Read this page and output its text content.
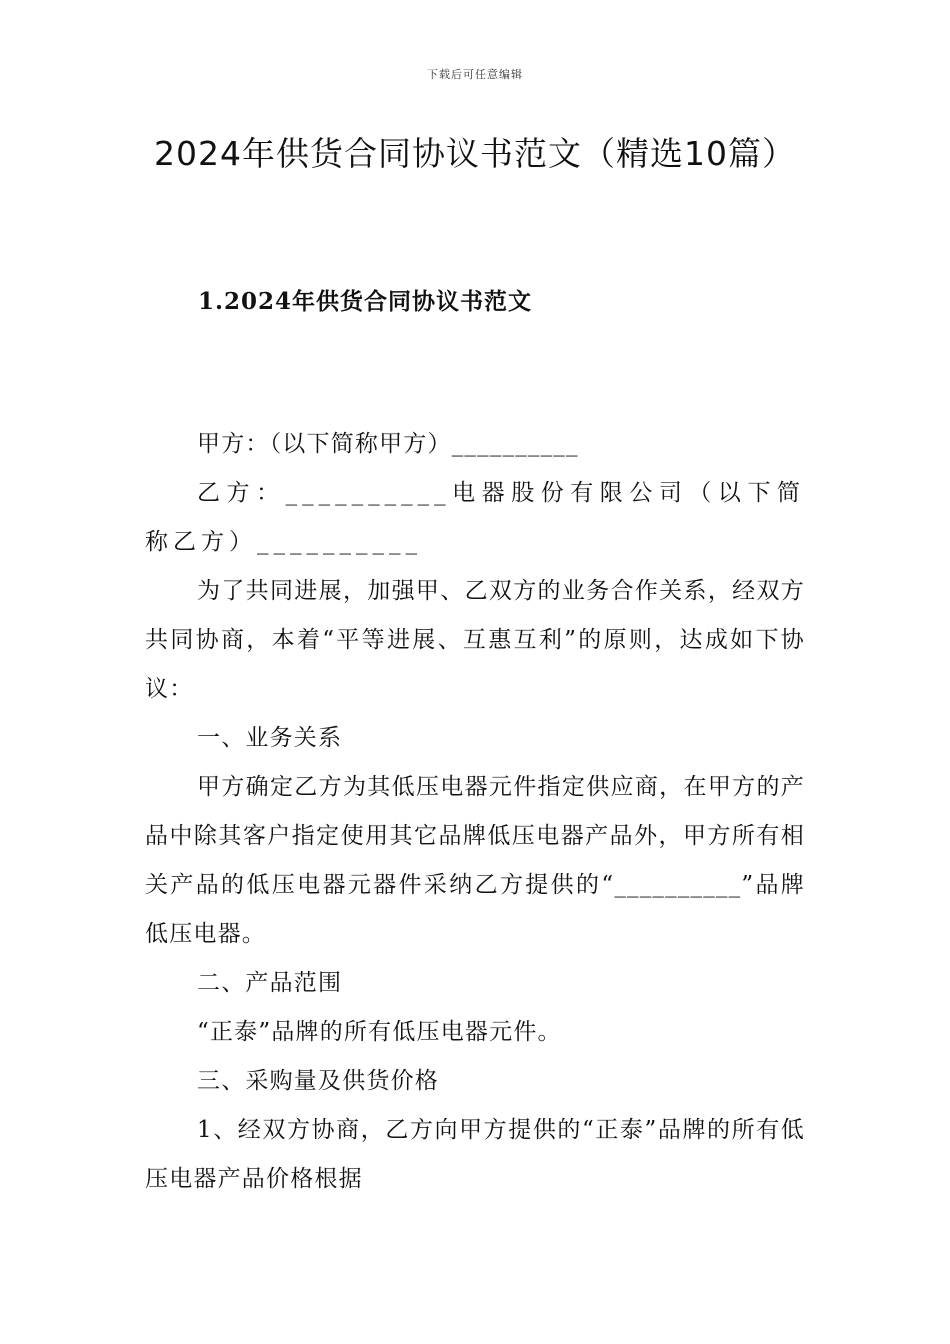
下载后可任意编辑
2024年供货合同协议书范文（精选10篇）
1.2024年供货合同协议书范文

甲方：（以下简称甲方）__________

乙方：__________电器股份有限公司（以下简称乙方）__________

为了共同进展，加强甲、乙双方的业务合作关系，经双方共同协商，本着“平等进展、互惠互利”的原则，达成如下协议：

一、业务关系

甲方确定乙方为其低压电器元件指定供应商，在甲方的产品中除其客户指定使用其它品牌低压电器产品外，甲方所有相关产品的低压电器元器件采纳乙方提供的“__________”品牌低压电器。

二、产品范围

“正泰”品牌的所有低压电器元件。

三、采购量及供货价格

1、经双方协商，乙方向甲方提供的“正泰”品牌的所有低压电器产品价格根据
